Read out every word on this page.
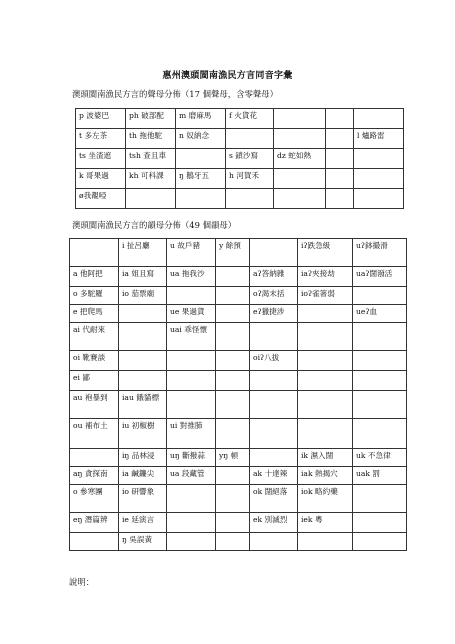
惠州澳頭閩南漁民方言同音字彙
澳頭閩南漁民方言的聲母分佈（17 個聲母，含零聲母）
p 波婆巴	ph 破部配	m 磨麻馬	f 火貨花			
t 多左茶	th 拖他駝	n 奴納念				l 爐路雷
ts 坐渣遮	tsh 查且車		s 鎖沙寫	dz 蛇如熱		
k 哥果過	kh 可科課	ŋ 鵝牙五	h 河賀禾			
ø我覩啞						
澳頭閩南漁民方言的韻母分佈（49 個韻母）
	i 扯呂廳	u 故戶豬	y 餘預		iʔ跌急級	uʔ鉢撮滑
a 他阿把	ia 姐且寫	ua 拖我沙		aʔ答納雜	iaʔ夾接劫	uaʔ闊潑活
o 多駝羅	io 茄票廟			oʔ渴末括	ioʔ雀箸弱	
e 把爬馬		ue 果過貨		eʔ獵捷涉		ueʔ血
ai 代耐來		uai 乖怪懷				
oi 靴賽談				oiʔ八拔		
ei 鄙						
au 袍暴到	iau 餓貓標					
ou 補布土	iu 初椒樹	ui 對推肺				
	iŋ 品林浸	uŋ 斷撥蒜	yŋ 頓		ik 濕入闊	uk 不急律
aŋ 貪探南	ia 鹹鐮尖	ua 段藏管		ak 十達辣	iak 熱揭穴	uak 罰
o 參寒團	io 研響象			ok 闊絕落	iok 略約藥	
eŋ 潛篇辨	ie 延演言			ek 別滅烈	iek 粵	
	ŋ 吳誤黃					
說明：
